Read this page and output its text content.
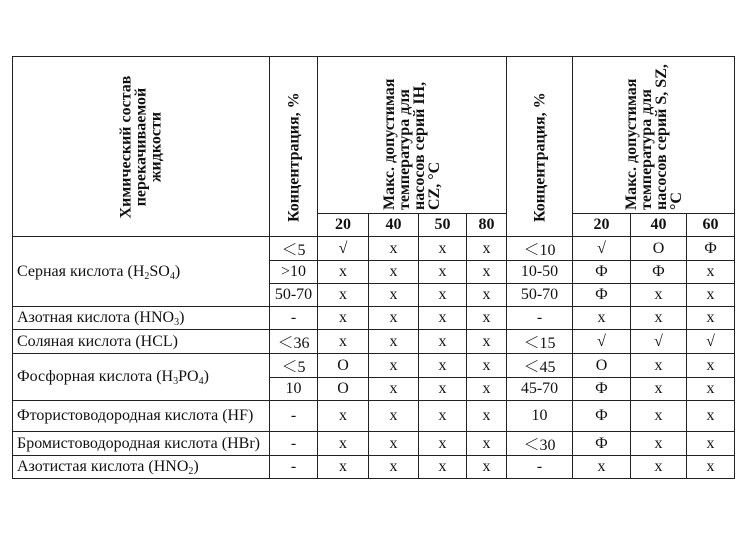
Химический состав перекачиваемой жидкости	Концентрация, %	Макс. допустимая температура для насосов серий IH, CZ, °C				Концентрация, %	Макс. допустимая температура для насосов серий S, SZ, °C		

		20	40	50	80		20	40	60
Серная кислота $(H_2SO_4)$	＜5	√	x	x	x	＜10	√	O	Ф
	>10	x	x	x	x	10-50	Ф	Ф	x
	50-70	x	x	x	x	50-70	Ф	x	x
Азотная кислота $(HNO_3)$	-	x	x	x	x	-	x	x	x
Соляная кислота (HCL)	＜36	x	x	x	x	＜15	√	√	√
Фосфорная кислота $(H_3PO_4)$	＜5	O	x	x	x	＜45	O	x	x
	10	O	x	x	x	45-70	Ф	x	x
Фтористоводородная кислота (HF)	-	x	x	x	x	10	Ф	x	x
Бромистоводородная кислота (HBr)	-	x	x	x	x	＜30	Ф	x	x
Азотистая кислота $(HNO_2)$	-	x	x	x	x	-	x	x	x
